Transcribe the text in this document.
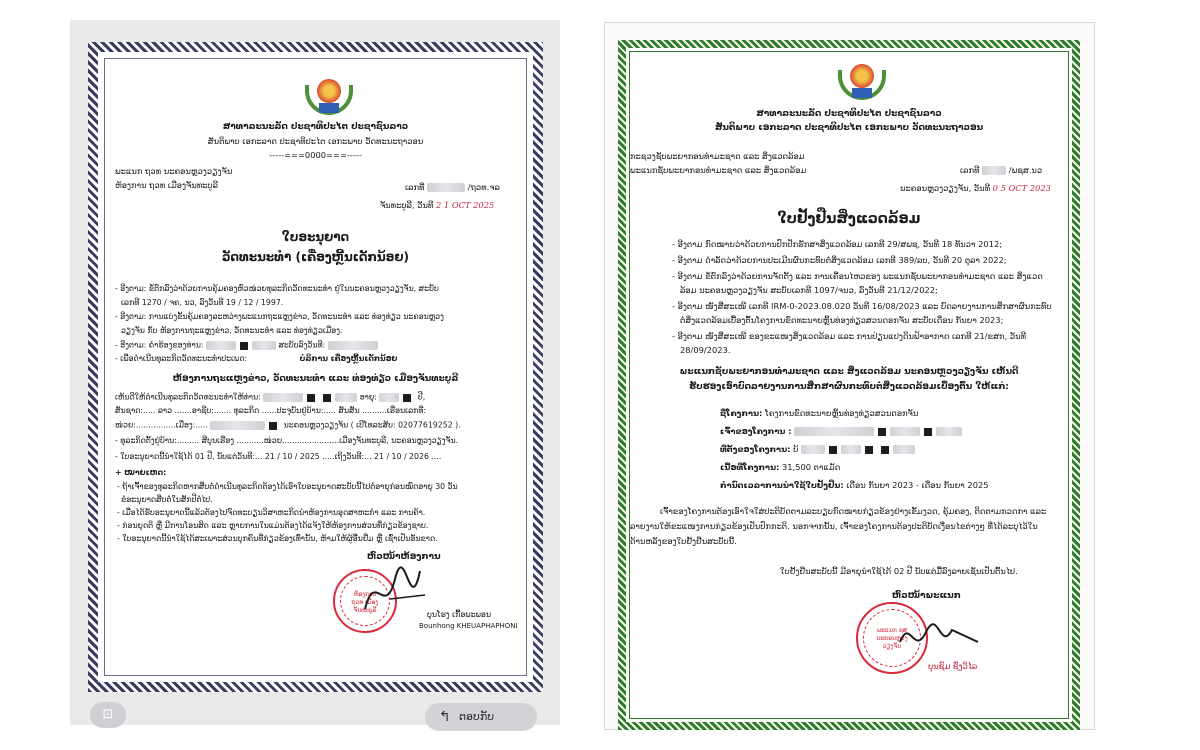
ສາທາລະນະລັດ ປະຊາທິປະໄຕ ປະຊາຊົນລາວ
ສັນຕິພາບ ເອກະລາດ ປະຊາທິປະໄຕ ເອກະພາບ ວັດທະນະຖາວອນ
-----===0000===-----
ພະແນກ ຖວທ ນະຄອນຫຼວງວຽງຈັນ
ຫ້ອງການ ຖວທ ເມືອງຈັນທະບູລີ	ເລກທີ່	/ຖວທ.ຈລ
ຈັນທະບູລີ, ວັນທີ 2 1 OCT 2025
ໃບອະນຸຍາດ
ວັດທະນະທຳ (ເຄື່ອງຫຼີ້ນເດັກນ້ອຍ)
- ອີງຕາມ: ຂໍ້ຕົກລົງວ່າດ້ວຍການຄຸ້ມຄອງຫົວໜ່ວຍທຸລະກິດວັດທະນະທຳ ຢູ່ໃນນະຄອນຫຼວງວຽງຈັນ, ສະບັບ
ເລກທີ 1270 / ຈຄ, ນວ, ລົງວັນທີ 19 / 12 / 1997.
- ອີງຕາມ: ການແບ່ງຂັ້ນຄຸ້ມຄອງລະຫວ່າງພະແນກຖະແຫຼງຂ່າວ, ວັດທະນະທຳ ແລະ ທ່ອງທ່ຽວ ນະຄອນຫຼວງ
ວຽງຈັນ ກັບ ຫ້ອງການຖະແຫຼງຂ່າວ, ວັດທະນະທຳ ແລະ ທ່ອງທ່ຽວເມືອງ.
- ອີງຕາມ: ຄຳຮ້ອງຂອງທ່ານ:	ສະບັບລົງວັນທີ:
- ເພື່ອດຳເນີນທຸລະກິດວັດທະນະທຳປະເພດ:	ບໍລິການ ເຄື່ອງຫຼີ້ນເດັກນ້ອຍ
ຫ້ອງການຖະແຫຼງຂ່າວ, ວັດທະນະທຳ ແລະ ທ່ອງທ່ຽວ ເມືອງຈັນທະບູລີ
ເຫັນດີໃຫ້ດຳເນີນທຸລະກິດວັດທະນະທຳໃຫ້ທ່ານ:	ອາຍຸ:	ປີ,
ສັນຊາດ:..... ລາວ .......ອາຊີບ:....... ທຸລະກິດ ......ປະຈຸບັນຢູ່ບ້ານ:..... ສັນສັນ ..........ເຮືອນເລກທີ່:
ໜ່ວຍ:................ເມືອງ:.....	ນະຄອນຫຼວງວຽງຈັນ ( ເບີໂທລະສັບ: 02077619252 ).
- ທຸລະກິດຕັ້ງຢູ່ບ້ານ:......... ສີບຸນເຮືອງ ...........ໜ່ວຍ.......................ເມືອງຈັນທະບູລີ, ນະຄອນຫຼວງວຽງຈັນ.
- ໃບອະນຸຍາດນີ້ນຳໃຊ້ໄດ້ 01 ປີ, ນັບແຕ່ວັນທີ:... 21 / 10 / 2025 .....ເຖິງວັນທີ:... 21 / 10 / 2026 ....
+ ໝາຍເຫດ:
- ຖ້າເຈົ້າຂອງທຸລະກິດຫາກສືບຕໍ່ດຳເນີນທຸລະກິດຕ້ອງໄດ້ເອົາໃບອະນຸຍາດສະບັບນີ້ໄປຕໍ່ອາຍຸກ່ອນໝົດອາຍຸ 30 ວັນ
ຂໍອະນຸຍາດສືບຕໍ່ໃນສັກປີຕໍ່ໄປ.
- ເມື່ອໄດ້ຮັບອະນຸຍາດນີ້ແລ້ວຕ້ອງໄປຈົດທະບຽນວິສາຫະກິດນຳຫ້ອງການອຸດສາຫະກຳ ແລະ ການຄ້າ.
- ກ່ອນຍຸດຕິ ຫຼື ມີການໂອນສິດ ແລະ ຫຼາຍການໃນແມ່ນຕ້ອງໄດ້ແຈ້ງໃຫ້ຫ້ອງການສ່ວນທີ່ກ່ຽວຂ້ອງຊາບ.
- ໃບອະນຸຍາດນີ້ນຳໃຊ້ໄດ້ສະເພາະສ່ວນບຸກຄົນທີ່ກ່ຽວຂ້ອງເທົ່ານັ້ນ, ຫ້າມໃຫ້ຜູ້ອື່ນຢືມ ຫຼື ເຊົ່າເປັນອັນຂາດ.
ຫົວໜ້າຫ້ອງການ
ຫ້ອງການ ຖວທ ເມືອງຈັນທະບູລີ	ບຸນໂຮງ ເກື້ອພະພອນ
Bounhong KHEUAPHAPHONI
⊡	↰ ຕອບກັບ
ສາທາລະນະລັດ ປະຊາທິປະໄຕ ປະຊາຊົນລາວ
ສັນຕິພາບ ເອກະລາດ ປະຊາທິປະໄຕ ເອກະພາບ ວັດທະນະຖາວອນ
ກະຊວງຊັບພະຍາກອນທຳມະຊາດ ແລະ ສິ່ງແວດລ້ອມ
ພະແນກຊັບພະຍາກອນທຳມະຊາດ ແລະ ສິ່ງແວດລ້ອມ	ເລກທີ	/ພຊສ.ນວ
ນະຄອນຫຼວງວຽງຈັນ, ວັນທີ 0 5 OCT 2023
ໃບຢັ້ງຢືນສິ່ງແວດລ້ອມ
- ອີງຕາມ ກົດໝາຍວ່າດ້ວຍການປົກປັກຮັກສາສິ່ງແວດລ້ອມ ເລກທີ 29/ສພຊ, ວັນທີ 18 ທັນວາ 2012;
- ອີງຕາມ ດຳລັດວ່າດ້ວຍການປະເມີນຜົນກະທົບຕໍ່ສິ່ງແວດລ້ອມ ເລກທີ 389/ລບ, ວັນທີ 20 ຕຸລາ 2022;
- ອີງຕາມ ຂໍ້ຕົກລົງວ່າດ້ວຍການຈັດຕັ້ງ ແລະ ການເຄື່ອນໄຫວຂອງ ພະແນກຊັບພະຍາກອນທຳມະຊາດ ແລະ ສິ່ງແວດ
ລ້ອມ ນະຄອນຫຼວງວຽງຈັນ ສະບັບເລກທີ 1097/ຈນວ, ລົງວັນທີ 21/12/2022;
- ອີງຕາມ ໜັງສືສະເໜີ ເລກທີ IRM-0-2023.08.020 ວັນທີ 16/08/2023 ແລະ ບົດລາຍງານການສຶກສາຜົນກະທົບ
ຕໍ່ສິ່ງແວດລ້ອມເບື້ອງຕົ້ນໂຄງການຂົດທະນາຍຫຼິ້ນທ່ອງທ່ຽວສວນດອກຈັນ ສະບັບເດືອນ ກັນຍາ 2023;
- ອີງຕາມ ໜັງສືສະເໜີ ຂອງຂະແໜງສິ່ງແວດລ້ອມ ແລະ ການປ່ຽນແປງດິນຟ້າອາກາດ ເລກທີ 21/ຂສກ, ວັນທີ
28/09/2023.
ພະແນກຊັບພະຍາກອນທຳມະຊາດ ແລະ ສິ່ງແວດລ້ອມ ນະຄອນຫຼວງວຽງຈັນ ເຫັນດີ
ຮັບຮອງເອົາບົດລາຍງານການສຶກສາຜົນກະທົບຕໍ່ສິ່ງແວດລ້ອມເບື້ອງຕົ້ນ ໃຫ້ແກ່:
ຊື່ໂຄງການ: ໂຄງການຂົດທະນາຍຫຼິ້ນທ່ອງທ່ຽວສວນດອກຈັນ
ເຈົ້າຂອງໂຄງການ :
ທີ່ຕັ້ງຂອງໂຄງການ: ບ້
ເນື້ອທີ່ໂຄງການ: 31,500 ຕາແມັດ
ກຳນົດເວລາການນຳໃຊ້ໃບຢັ້ງຢືນ: ເດືອນ ກັນຍາ 2023 - ເດືອນ ກັນຍາ 2025
ເຈົ້າຂອງໂຄງການຕ້ອງເອົາໃຈໃສ່ປະຕິບັດຕາມລະບຽບກົດໝາຍກ່ຽວຂ້ອງຢ່າງເຂັ້ມງວດ, ຄຸ້ມຄອງ, ຕິດຕາມກວດກາ ແລະ
ລາຍງານໃຫ້ຂະແໜງການກ່ຽວຂ້ອງເປັນປົກກະຕິ. ນອກຈາກນັ້ນ, ເຈົ້າຂອງໂຄງການຕ້ອງປະຕິບັດເງື່ອນໄຂຕ່າງໆ ທີ່ໄດ້ລະບຸໄວ້ໃນ
ດ້ານຫລັງຂອງໃບຢັ້ງຢືນສະບັບນີ້.
ໃບຢັ້ງຢືນສະບັບນີ້ ມີອາຍຸນຳໃຊ້ໄດ້ 02 ປີ ນັບແຕ່ມື້ລົງລາຍເຊັນເປັນຕົ້ນໄປ.
ຫົວໜ້າພະແນກ
ພະແນກ ຊສ ນະຄອນຫຼວງວຽງຈັນ
ບຸນຊົມ ຊົ່ງວິໄລ
